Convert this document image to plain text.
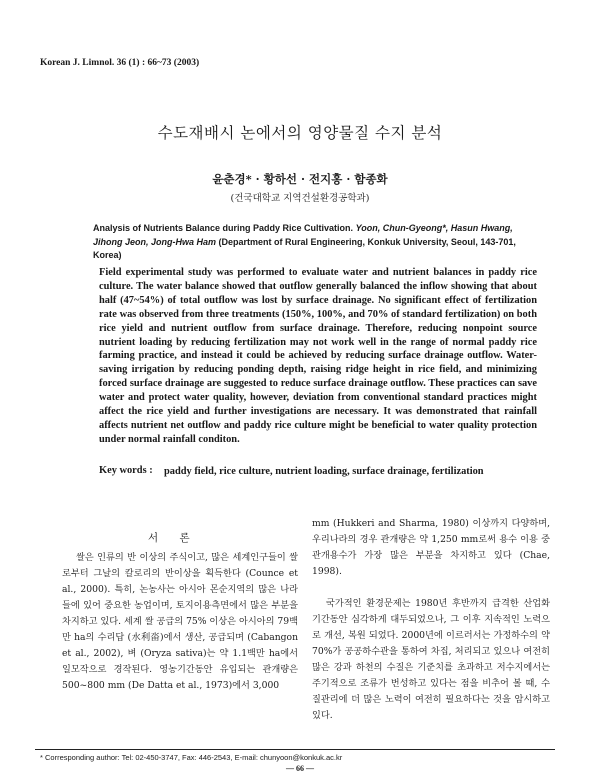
Korean J. Limnol. 36 (1) : 66~73 (2003)
수도재배시 논에서의 영양물질 수지 분석
윤춘경* · 황하선 · 전지홍 · 함종화
(건국대학교 지역건설환경공학과)
Analysis of Nutrients Balance during Paddy Rice Cultivation. Yoon, Chun-Gyeong*, Hasun Hwang, Jihong Jeon, Jong-Hwa Ham (Department of Rural Engineering, Konkuk University, Seoul, 143-701, Korea)
Field experimental study was performed to evaluate water and nutrient balances in paddy rice culture. The water balance showed that outflow generally balanced the inflow showing that about half (47~54%) of total outflow was lost by surface drainage. No significant effect of fertilization rate was observed from three treatments (150%, 100%, and 70% of standard fertilization) on both rice yield and nutrient outflow from surface drainage. Therefore, reducing nonpoint source nutrient loading by reducing fertilization may not work well in the range of normal paddy rice farming practice, and instead it could be achieved by reducing surface drainage outflow. Water-saving irrigation by reducing ponding depth, raising ridge height in rice field, and minimizing forced surface drainage are suggested to reduce surface drainage outflow. These practices can save water and protect water quality, however, deviation from conventional standard practices might affect the rice yield and further investigations are necessary. It was demonstrated that rainfall affects nutrient net outflow and paddy rice culture might be beneficial to water quality protection under normal rainfall conditon.
Key words : paddy field, rice culture, nutrient loading, surface drainage, fertilization
서 론
쌀은 인류의 반 이상의 주식이고, 많은 세계인구들이 쌀로부터 그날의 칼로리의 반이상을 획득한다 (Counce et al., 2000). 특히, 논농사는 아시아 몬순지역의 많은 나라들에 있어 중요한 농업이며, 토지이용측면에서 많은 부분을 차지하고 있다. 세계 쌀 공급의 75% 이상은 아시아의 79백만 ha의 수리답 (水利畓)에서 생산, 공급되며 (Cabangon et al., 2002), 벼 (Oryza sativa)는 약 1.1백만 ha에서 일모작으로 경작된다. 영농기간동안 유입되는 관개량은 500~800 mm (De Datta et al., 1973)에서 3,000

mm (Hukkeri and Sharma, 1980) 이상까지 다양하며, 우리나라의 경우 관개량은 약 1,250 mm로써 용수 이용 중 관개용수가 가장 많은 부분을 차지하고 있다 (Chae, 1998).

국가적인 환경문제는 1980년 후반까지 급격한 산업화 기간동안 심각하게 대두되었으나, 그 이후 지속적인 노력으로 개선, 복원 되었다. 2000년에 이르러서는 가정하수의 약 70%가 공공하수관을 통하여 차집, 처리되고 있으나 여전히 많은 강과 하천의 수질은 기준치를 초과하고 저수지에서는 주기적으로 조류가 번성하고 있다는 점을 비추어 볼 때, 수질관리에 더 많은 노력이 여전히 필요하다는 것을 암시하고 있다.

* Corresponding author: Tel: 02-450-3747, Fax: 446-2543, E-mail: chunyoon@konkuk.ac.kr
— 66 —
